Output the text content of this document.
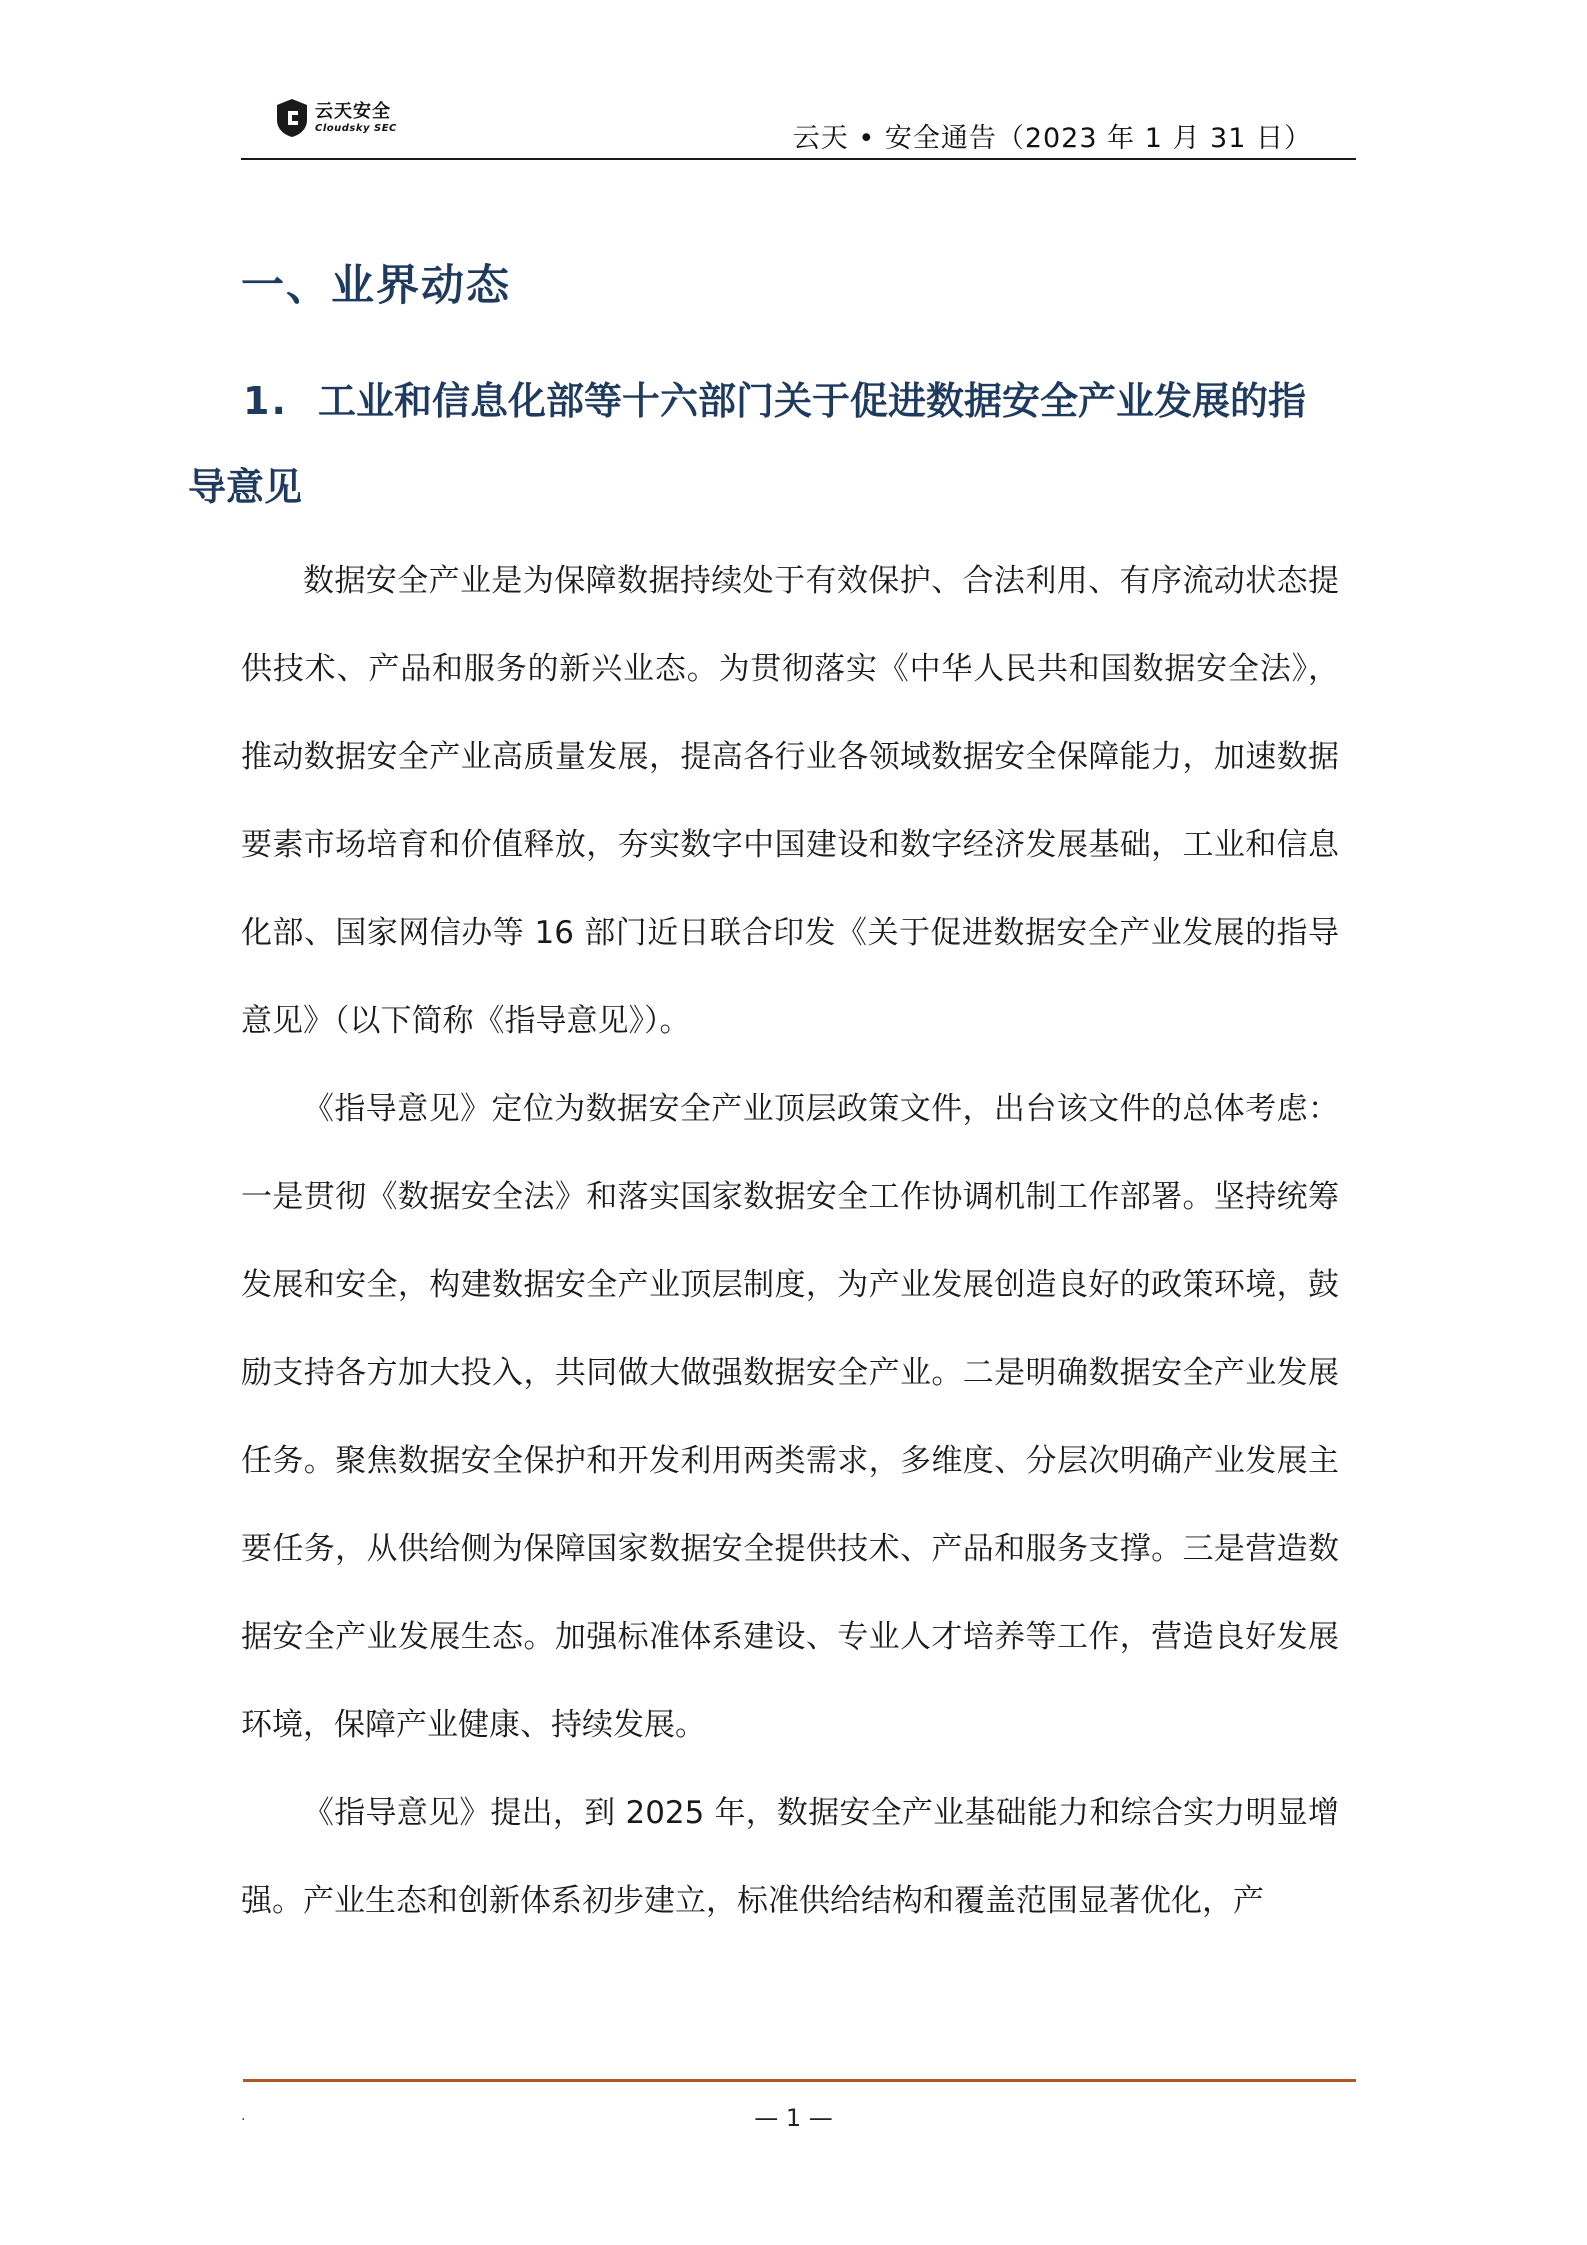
云天安全
Cloudsky SEC	云天 • 安全通告（2023 年 1 月 31 日）
一、业界动态
1. 工业和信息化部等十六部门关于促进数据安全产业发展的指导意见

数据安全产业是为保障数据持续处于有效保护、合法利用、有序流动状态提供技术、产品和服务的新兴业态。为贯彻落实《中华人民共和国数据安全法》，推动数据安全产业高质量发展，提高各行业各领域数据安全保障能力，加速数据要素市场培育和价值释放，夯实数字中国建设和数字经济发展基础，工业和信息化部、国家网信办等 16 部门近日联合印发《关于促进数据安全产业发展的指导意见》（以下简称《指导意见》）。

《指导意见》定位为数据安全产业顶层政策文件，出台该文件的总体考虑：一是贯彻《数据安全法》和落实国家数据安全工作协调机制工作部署。坚持统筹发展和安全，构建数据安全产业顶层制度，为产业发展创造良好的政策环境，鼓励支持各方加大投入，共同做大做强数据安全产业。二是明确数据安全产业发展任务。聚焦数据安全保护和开发利用两类需求，多维度、分层次明确产业发展主要任务，从供给侧为保障国家数据安全提供技术、产品和服务支撑。三是营造数据安全产业发展生态。加强标准体系建设、专业人才培养等工作，营造良好发展环境，保障产业健康、持续发展。

《指导意见》提出，到 2025 年，数据安全产业基础能力和综合实力明显增强。产业生态和创新体系初步建立，标准供给结构和覆盖范围显著优化，产

.	— 1 —
